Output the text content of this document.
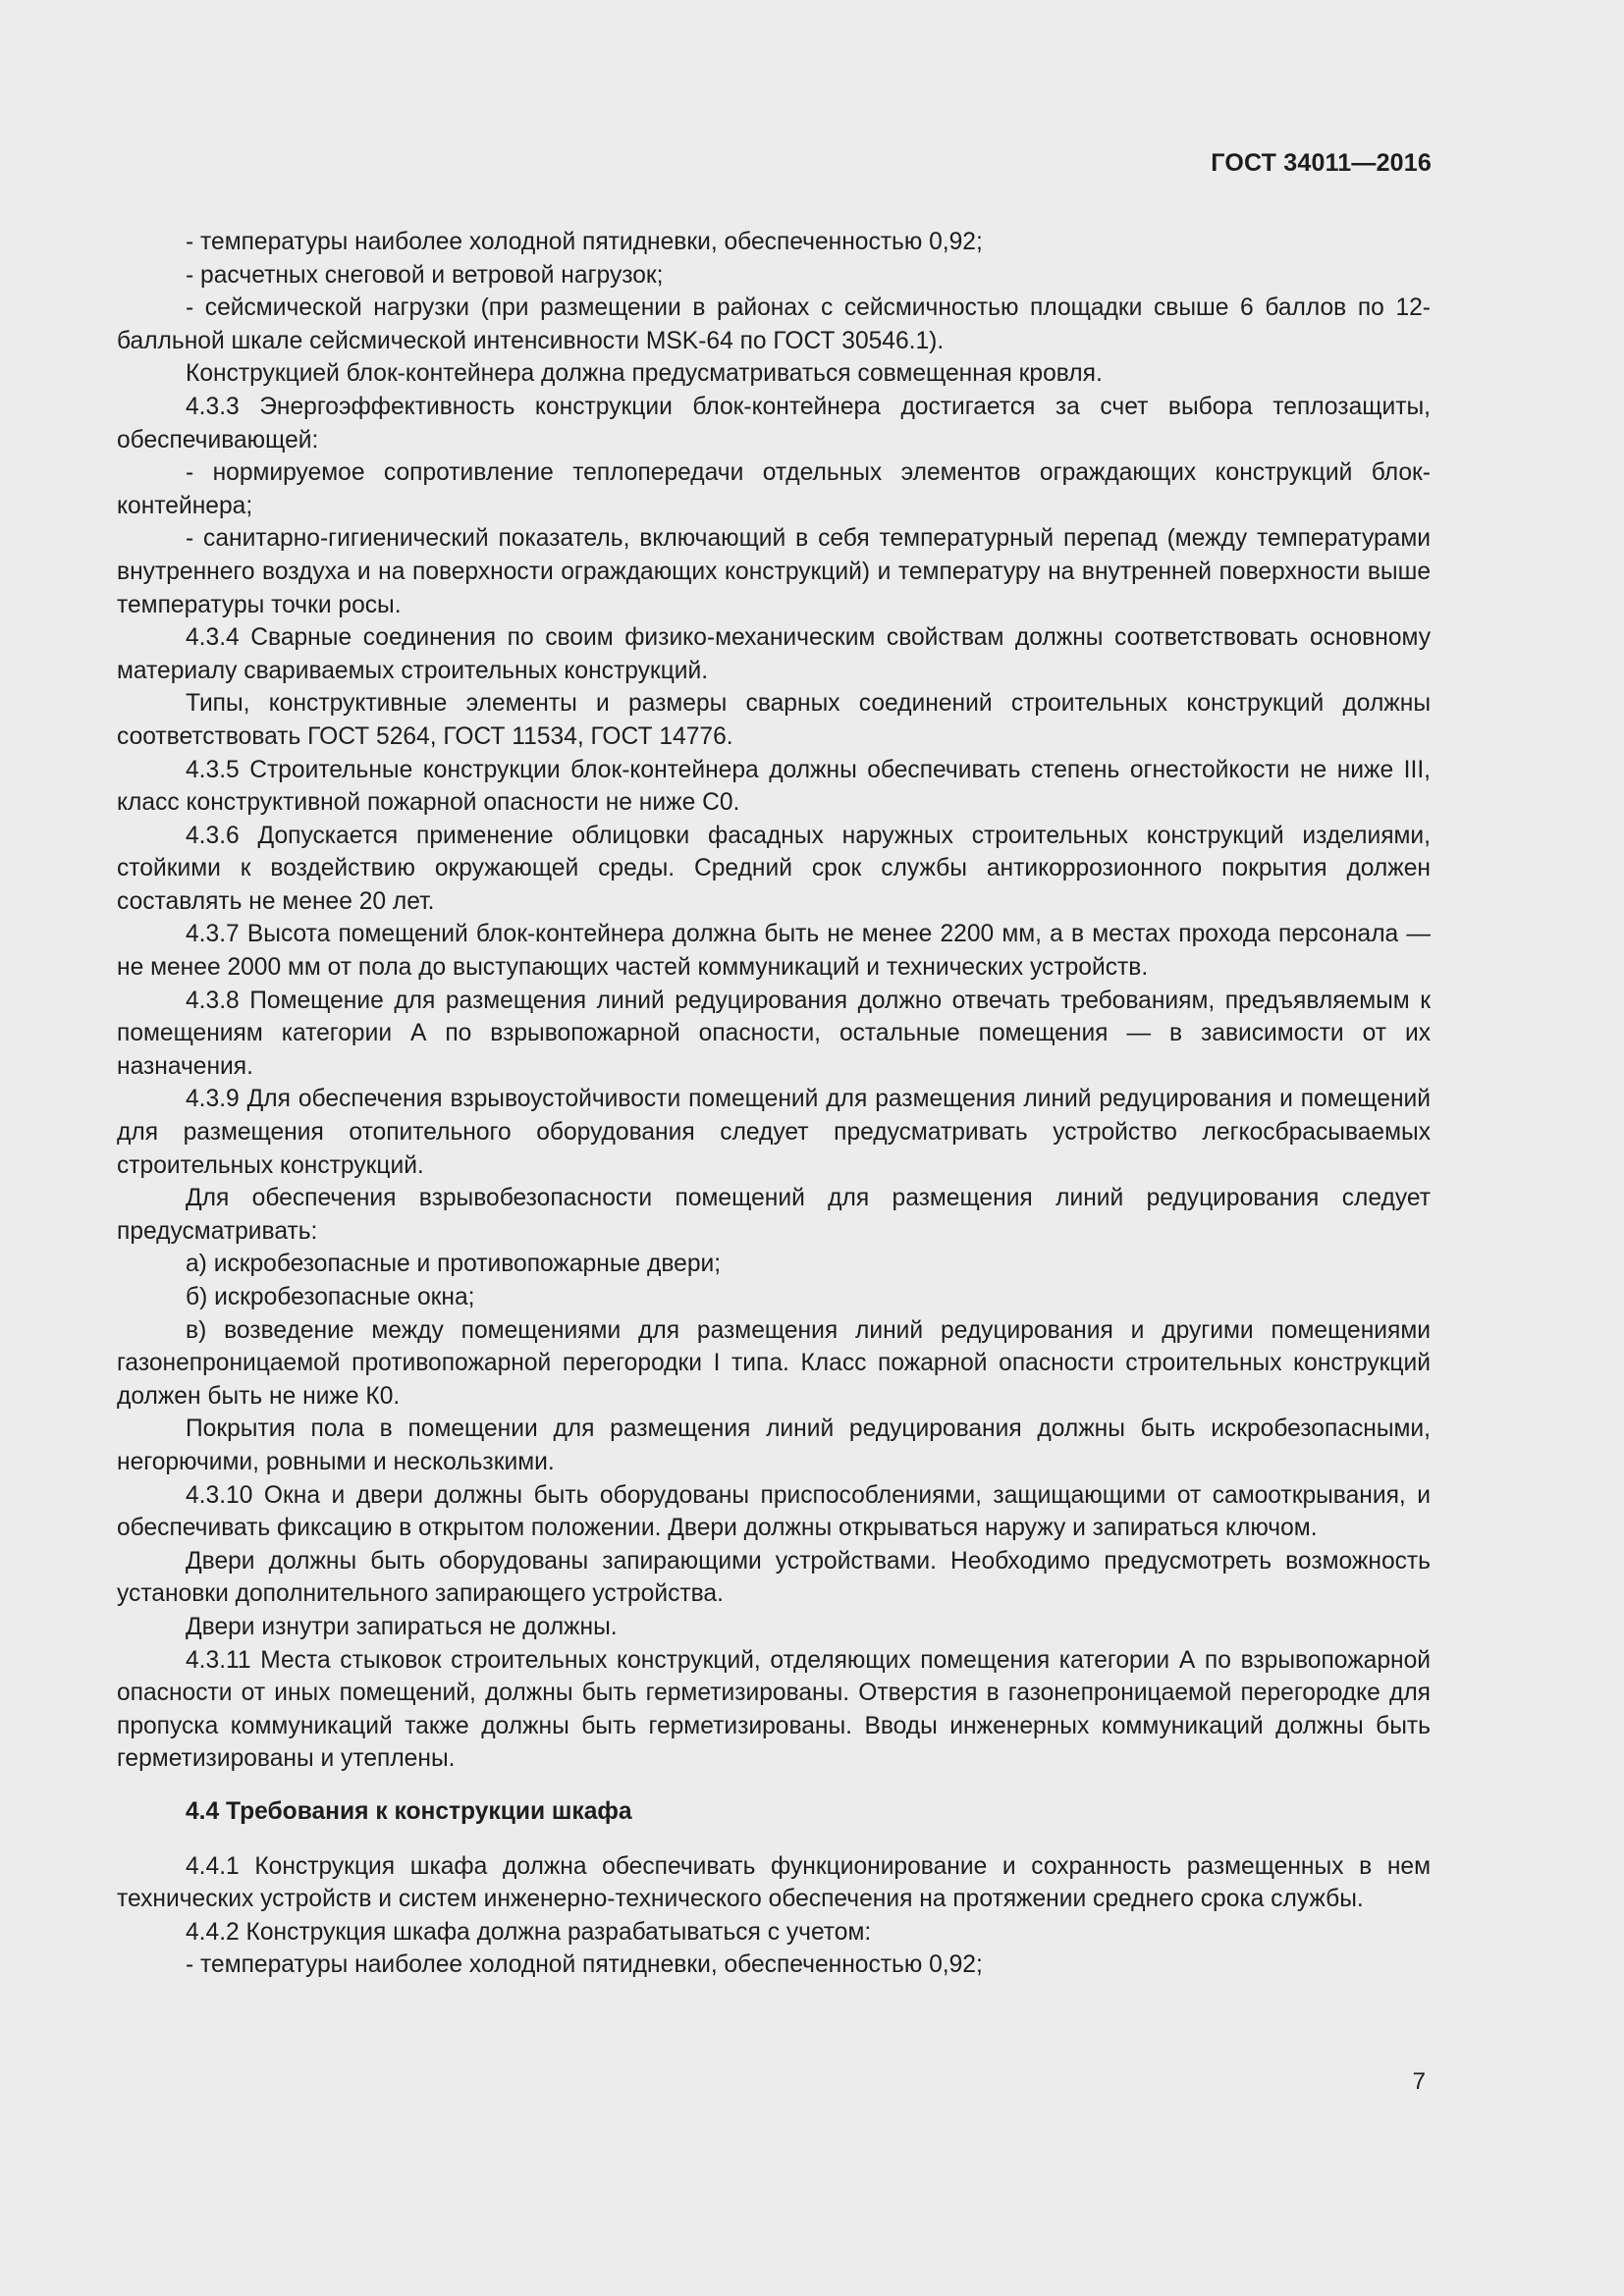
ГОСТ 34011—2016

- температуры наиболее холодной пятидневки, обеспеченностью 0,92;

- расчетных снеговой и ветровой нагрузок;

- сейсмической нагрузки (при размещении в районах с сейсмичностью площадки свыше 6 баллов по 12-балльной шкале сейсмической интенсивности MSK-64 по ГОСТ 30546.1).

Конструкцией блок-контейнера должна предусматриваться совмещенная кровля.

4.3.3 Энергоэффективность конструкции блок-контейнера достигается за счет выбора теплозащиты, обеспечивающей:

- нормируемое сопротивление теплопередачи отдельных элементов ограждающих конструкций блок-контейнера;

- санитарно-гигиенический показатель, включающий в себя температурный перепад (между температурами внутреннего воздуха и на поверхности ограждающих конструкций) и температуру на внутренней поверхности выше температуры точки росы.

4.3.4 Сварные соединения по своим физико-механическим свойствам должны соответствовать основному материалу свариваемых строительных конструкций.

Типы, конструктивные элементы и размеры сварных соединений строительных конструкций должны соответствовать ГОСТ 5264, ГОСТ 11534, ГОСТ 14776.

4.3.5 Строительные конструкции блок-контейнера должны обеспечивать степень огнестойкости не ниже III, класс конструктивной пожарной опасности не ниже С0.

4.3.6 Допускается применение облицовки фасадных наружных строительных конструкций изделиями, стойкими к воздействию окружающей среды. Средний срок службы антикоррозионного покрытия должен составлять не менее 20 лет.

4.3.7 Высота помещений блок-контейнера должна быть не менее 2200 мм, а в местах прохода персонала — не менее 2000 мм от пола до выступающих частей коммуникаций и технических устройств.

4.3.8 Помещение для размещения линий редуцирования должно отвечать требованиям, предъявляемым к помещениям категории А по взрывопожарной опасности, остальные помещения — в зависимости от их назначения.

4.3.9 Для обеспечения взрывоустойчивости помещений для размещения линий редуцирования и помещений для размещения отопительного оборудования следует предусматривать устройство легкосбрасываемых строительных конструкций.

Для обеспечения взрывобезопасности помещений для размещения линий редуцирования следует предусматривать:

а) искробезопасные и противопожарные двери;

б) искробезопасные окна;

в) возведение между помещениями для размещения линий редуцирования и другими помещениями газонепроницаемой противопожарной перегородки I типа. Класс пожарной опасности строительных конструкций должен быть не ниже К0.

Покрытия пола в помещении для размещения линий редуцирования должны быть искробезопасными, негорючими, ровными и нескользкими.

4.3.10 Окна и двери должны быть оборудованы приспособлениями, защищающими от самооткрывания, и обеспечивать фиксацию в открытом положении. Двери должны открываться наружу и запираться ключом.

Двери должны быть оборудованы запирающими устройствами. Необходимо предусмотреть возможность установки дополнительного запирающего устройства.

Двери изнутри запираться не должны.

4.3.11 Места стыковок строительных конструкций, отделяющих помещения категории А по взрывопожарной опасности от иных помещений, должны быть герметизированы. Отверстия в газонепроницаемой перегородке для пропуска коммуникаций также должны быть герметизированы. Вводы инженерных коммуникаций должны быть герметизированы и утеплены.

4.4 Требования к конструкции шкафа

4.4.1 Конструкция шкафа должна обеспечивать функционирование и сохранность размещенных в нем технических устройств и систем инженерно-технического обеспечения на протяжении среднего срока службы.

4.4.2 Конструкция шкафа должна разрабатываться с учетом:

- температуры наиболее холодной пятидневки, обеспеченностью 0,92;

7
